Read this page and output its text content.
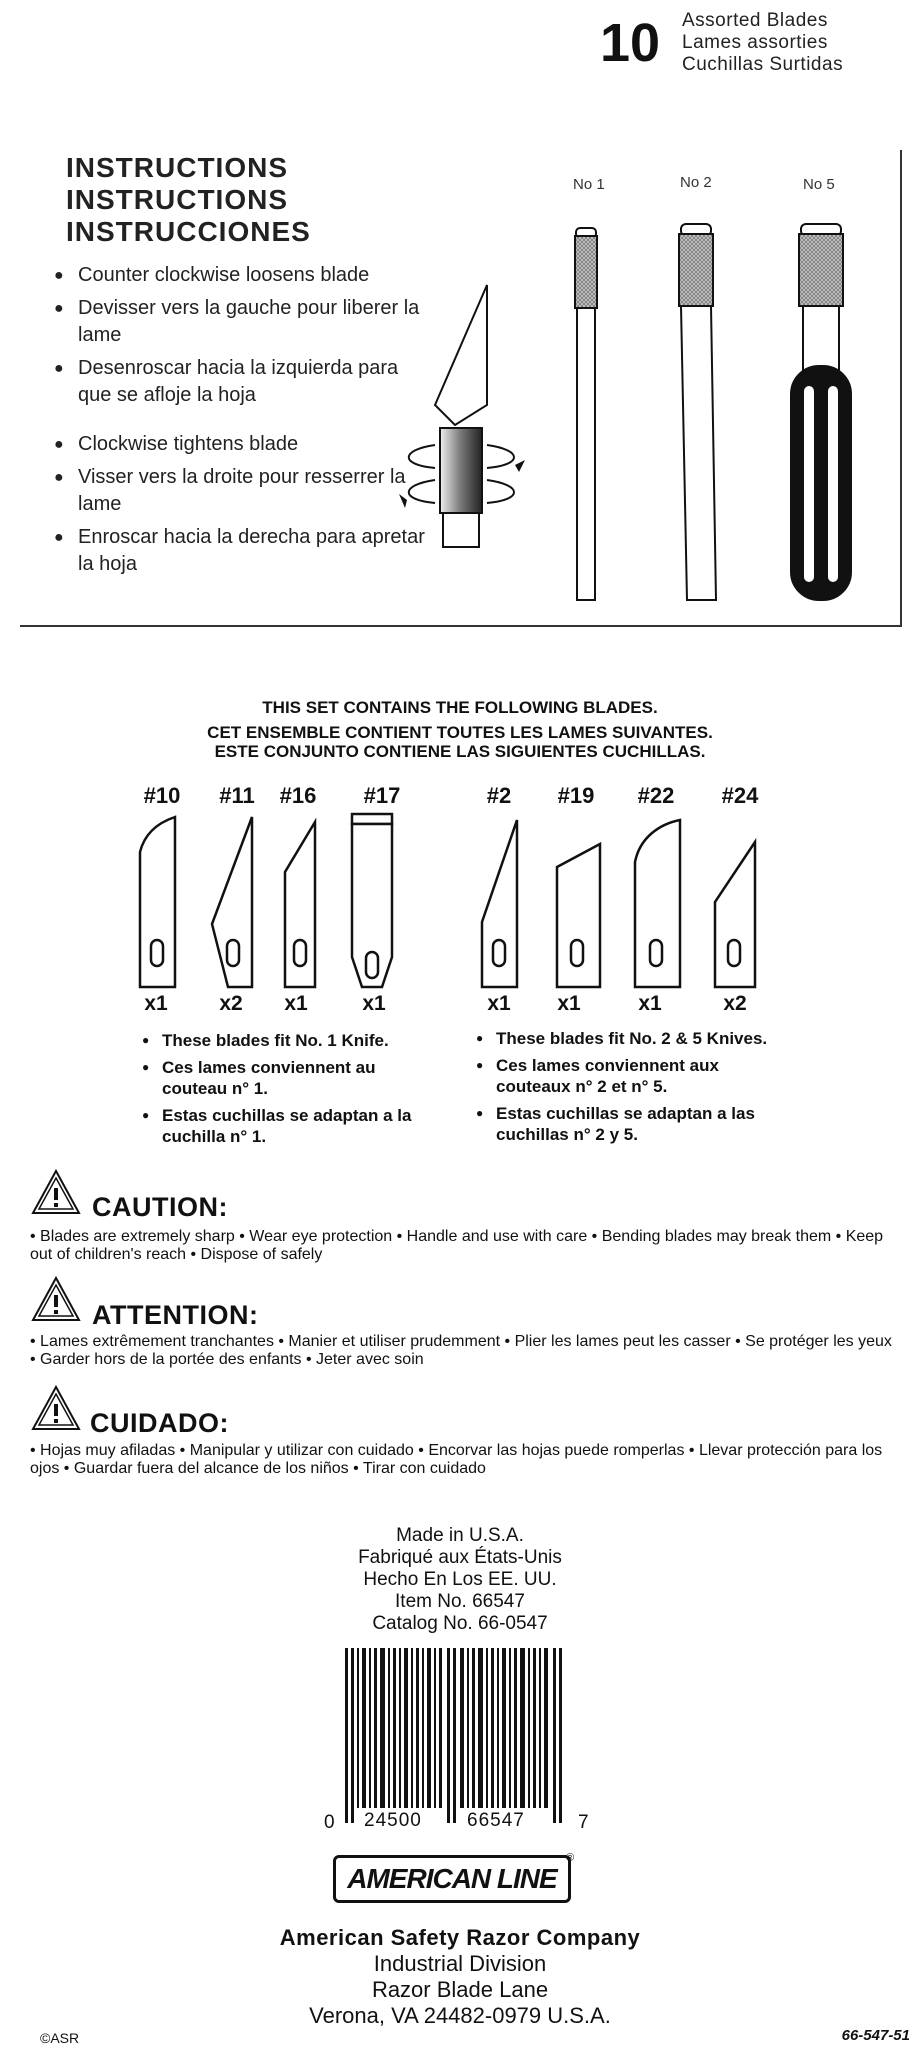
10 Assorted Blades
Lames assorties
Cuchillas Surtidas
INSTRUCTIONS
INSTRUCTIONS
INSTRUCCIONES
● Counter clockwise loosens blade
● Devisser vers la gauche pour liberer la lame
● Desenroscar hacia la izquierda para que se afloje la hoja
● Clockwise tightens blade
● Visser vers la droite pour resserrer la lame
● Enroscar hacia la derecha para apretar la hoja
No 1	No 2	No 5
THIS SET CONTAINS THE FOLLOWING BLADES.
CET ENSEMBLE CONTIENT TOUTES LES LAMES SUIVANTES.
ESTE CONJUNTO CONTIENE LAS SIGUIENTES CUCHILLAS.
#10	#11	#16	#17	#2	#19	#22	#24
x1	x2	x1	x1	x1	x1	x1	x2
● These blades fit No. 1 Knife.
● Ces lames conviennent au couteau n° 1.
● Estas cuchillas se adaptan a la cuchilla n° 1.
● These blades fit No. 2 & 5 Knives.
● Ces lames conviennent aux couteaux n° 2 et n° 5.
● Estas cuchillas se adaptan a las cuchillas n° 2 y 5.
CAUTION:
• Blades are extremely sharp • Wear eye protection • Handle and use with care • Bending blades may break them • Keep out of children's reach • Dispose of safely
ATTENTION:
• Lames extrêmement tranchantes • Manier et utiliser prudemment • Plier les lames peut les casser • Se protéger les yeux • Garder hors de la portée des enfants • Jeter avec soin
CUIDADO:
• Hojas muy afiladas • Manipular y utilizar con cuidado • Encorvar las hojas puede romperlas • Llevar protección para los ojos • Guardar fuera del alcance de los niños • Tirar con cuidado
Made in U.S.A.
Fabriqué aux États-Unis
Hecho En Los EE. UU.
Item No. 66547
Catalog No. 66-0547
0 24500 66547	7
AMERICAN LINE
®
American Safety Razor Company
Industrial Division
Razor Blade Lane
Verona, VA 24482-0979 U.S.A.
©ASR	66-547-51
